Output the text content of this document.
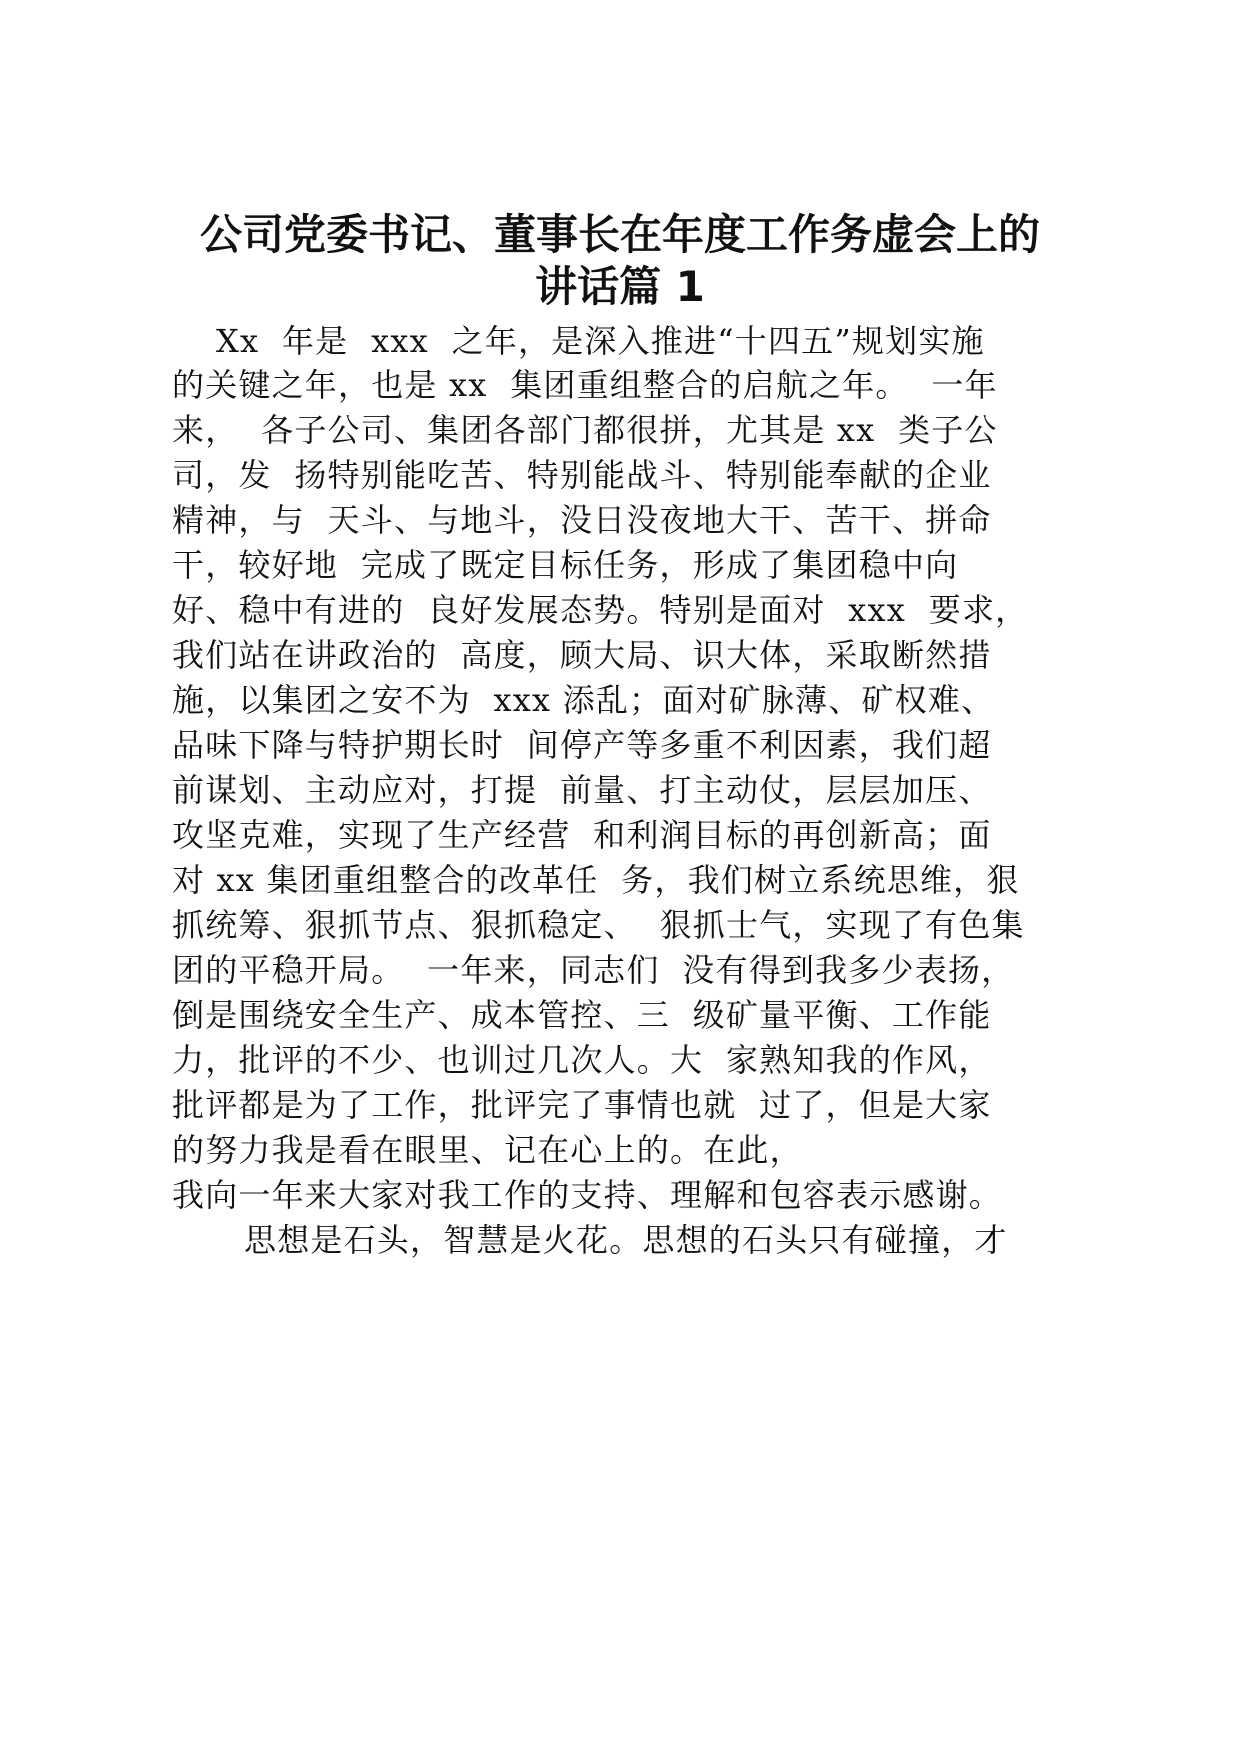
公司党委书记、董事长在年度工作务虚会上的
讲话篇 1
Xx  年是  xxx  之年，是深入推进“十四五”规划实施
的关键之年，也是 xx  集团重组整合的启航之年。  一年
来，  各子公司、集团各部门都很拼，尤其是 xx  类子公
司，发  扬特别能吃苦、特别能战斗、特别能奉献的企业
精神，与  天斗、与地斗，没日没夜地大干、苦干、拼命
干，较好地  完成了既定目标任务，形成了集团稳中向
好、稳中有进的  良好发展态势。特别是面对  xxx  要求，
我们站在讲政治的  高度，顾大局、识大体，采取断然措
施，以集团之安不为  xxx 添乱；面对矿脉薄、矿权难、
品味下降与特护期长时  间停产等多重不利因素，我们超
前谋划、主动应对，打提  前量、打主动仗，层层加压、
攻坚克难，实现了生产经营  和利润目标的再创新高；面
对 xx 集团重组整合的改革任  务，我们树立系统思维，狠
抓统筹、狠抓节点、狠抓稳定、  狠抓士气，实现了有色集
团的平稳开局。  一年来，同志们  没有得到我多少表扬，
倒是围绕安全生产、成本管控、三  级矿量平衡、工作能
力，批评的不少、也训过几次人。大  家熟知我的作风，
批评都是为了工作，批评完了事情也就  过了，但是大家
的努力我是看在眼里、记在心上的。在此，
我向一年来大家对我工作的支持、理解和包容表示感谢。
思想是石头，智慧是火花。思想的石头只有碰撞，才
